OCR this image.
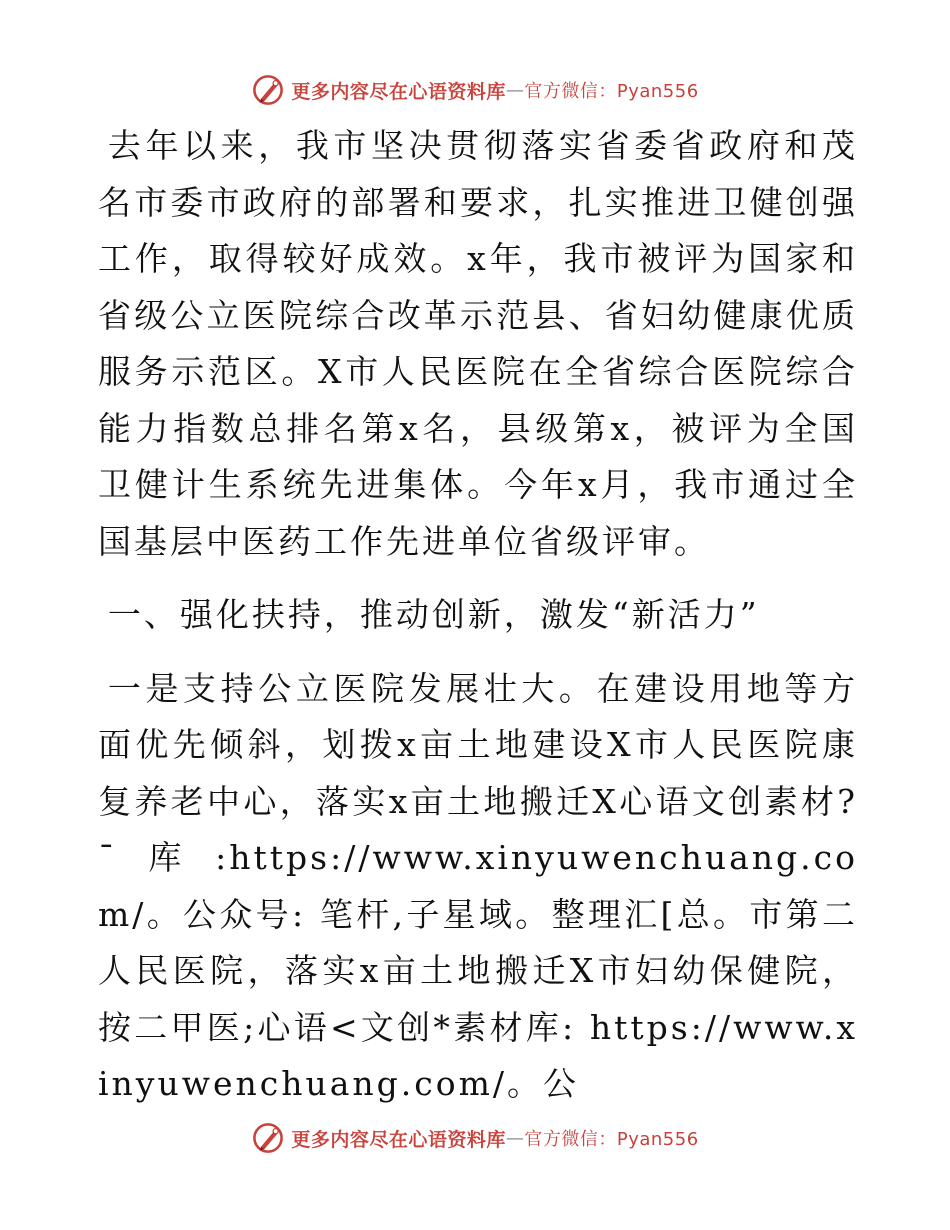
更多内容尽在心语资料库 — 官方微信：Pyan556

去年以来，我市坚决贯彻落实省委省政府和茂名市委市政府的部署和要求，扎实推进卫健创强工作，取得较好成效。x年，我市被评为国家和省级公立医院综合改革示范县、省妇幼健康优质服务示范区。X市人民医院在全省综合医院综合能力指数总排名第x名，县级第x，被评为全国卫健计生系统先进集体。今年x月，我市通过全国基层中医药工作先进单位省级评审。

一、强化扶持，推动创新，激发“新活力”

一是支持公立医院发展壮大。在建设用地等方面优先倾斜，划拨x亩土地建设X市人民医院康复养老中心，落实x亩土地搬迁X心语文创素材?¯库:https://www.xinyuwenchuang.com/。公众号: 笔杆,子星域。整理汇[总。市第二人民医院，落实x亩土地搬迁X市妇幼保健院，按二甲医;心语<文创*素材库: https://www.xinyuwenchuang.com/。公

更多内容尽在心语资料库 — 官方微信：Pyan556
